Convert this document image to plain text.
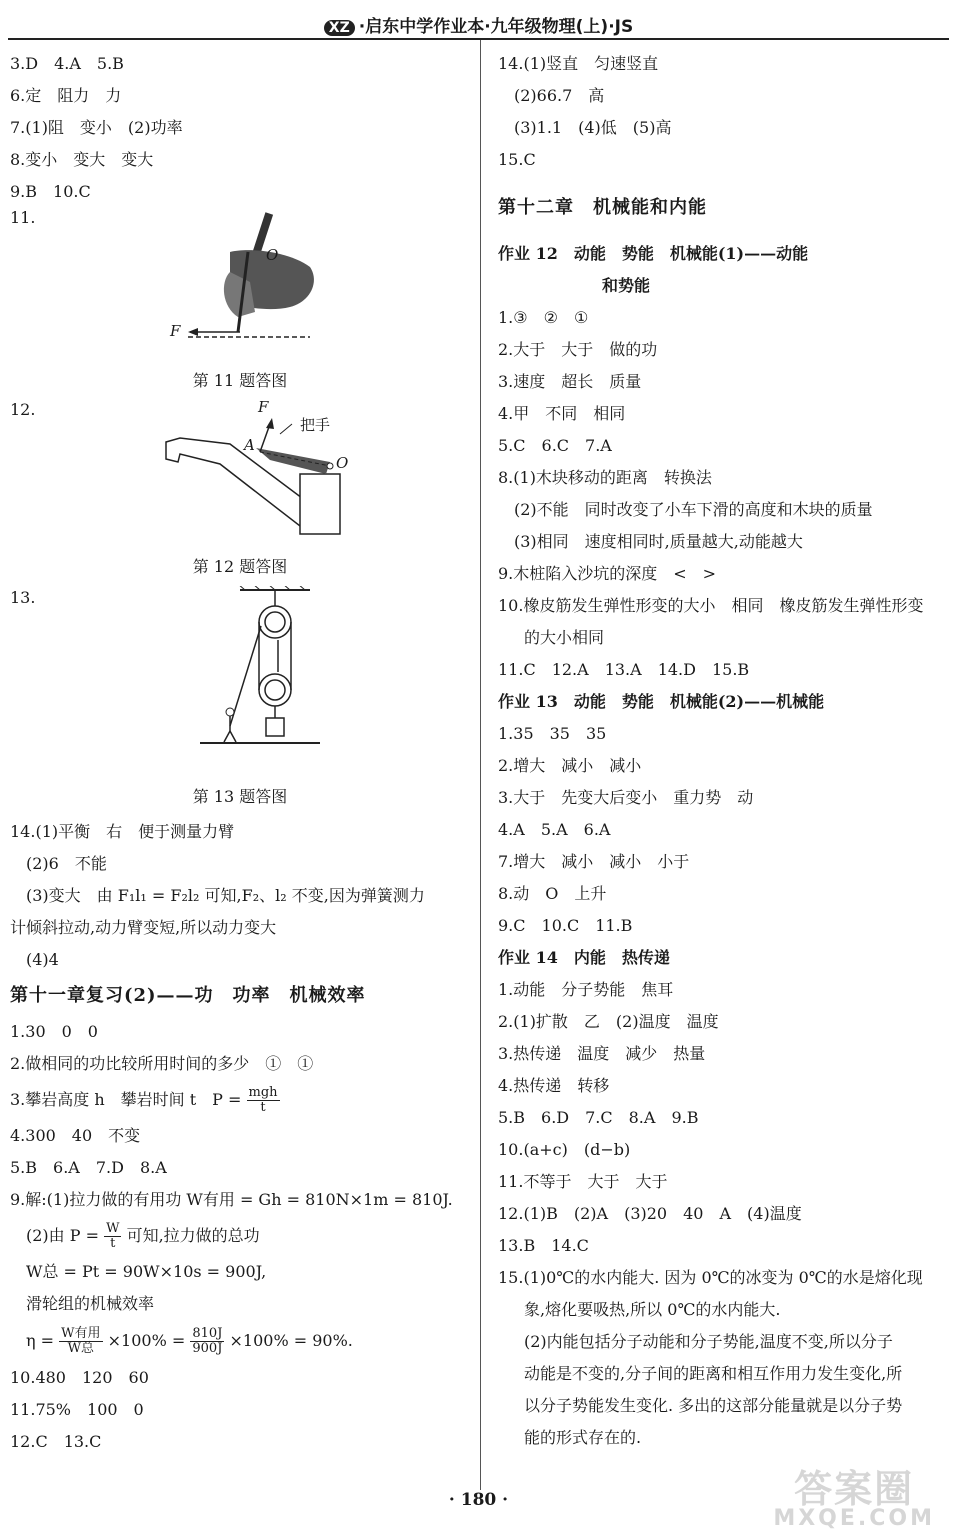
XZ ·启东中学作业本·九年级物理(上)·JS
3.D　4.A　5.B
6.定　阻力　力
7.(1)阻　变小　(2)功率
8.变小　变大　变大
9.B　10.C
11.
O
F
第 11 题答图
12.	F
A
把手
O
第 12 题答图
13.
第 13 题答图
14.(1)平衡　右　便于测量力臂
(2)6　不能
(3)变大　由 F₁l₁ = F₂l₂ 可知,F₂、l₂ 不变,因为弹簧测力
计倾斜拉动,动力臂变短,所以动力变大
(4)4
第十一章复习(2)——功　功率　机械效率
1.30　0　0
2.做相同的功比较所用时间的多少　①　①
3.攀岩高度 h　攀岩时间 t　$P = \frac{\text{mgh}}{t}$
4.300　40　不变
5.B　6.A　7.D　8.A
9.解:(1)拉力做的有用功 W有用 = Gh = 810N×1m = 810J.
(2)由 $P = \frac{W}{t}$ 可知,拉力做的总功
W总 = Pt = 90W×10s = 900J,
滑轮组的机械效率
$\eta = \frac{\text{W有用}}{\text{W总}} \times 100\% = \frac{810J}{900J} \times 100\% = 90\%$.
10.480　120　60
11.75%　100　0
12.C　13.C
14.(1)竖直　匀速竖直
(2)66.7　高
(3)1.1　(4)低　(5)高
15.C
第十二章　机械能和内能
作业 12　动能　势能　机械能(1)——动能
和势能
1.③　②　①
2.大于　大于　做的功
3.速度　超长　质量
4.甲　不同　相同
5.C　6.C　7.A
8.(1)木块移动的距离　转换法
(2)不能　同时改变了小车下滑的高度和木块的质量
(3)相同　速度相同时,质量越大,动能越大
9.木桩陷入沙坑的深度　<　>
10.橡皮筋发生弹性形变的大小　相同　橡皮筋发生弹性形变
的大小相同
11.C　12.A　13.A　14.D　15.B
作业 13　动能　势能　机械能(2)——机械能
1.35　35　35
2.增大　减小　减小
3.大于　先变大后变小　重力势　动
4.A　5.A　6.A
7.增大　减小　减小　小于
8.动　O　上升
9.C　10.C　11.B
作业 14　内能　热传递
1.动能　分子势能　焦耳
2.(1)扩散　乙　(2)温度　温度
3.热传递　温度　减少　热量
4.热传递　转移
5.B　6.D　7.C　8.A　9.B
10.(a+c)　(d−b)
11.不等于　大于　大于
12.(1)B　(2)A　(3)20　40　A　(4)温度
13.B　14.C
15.(1)0℃的水内能大. 因为 0℃的冰变为 0℃的水是熔化现
象,熔化要吸热,所以 0℃的水内能大.
(2)内能包括分子动能和分子势能,温度不变,所以分子
动能是不变的,分子间的距离和相互作用力发生变化,所
以分子势能发生变化. 多出的这部分能量就是以分子势
能的形式存在的.
· 180 ·	答案圈
MXQE.COM
